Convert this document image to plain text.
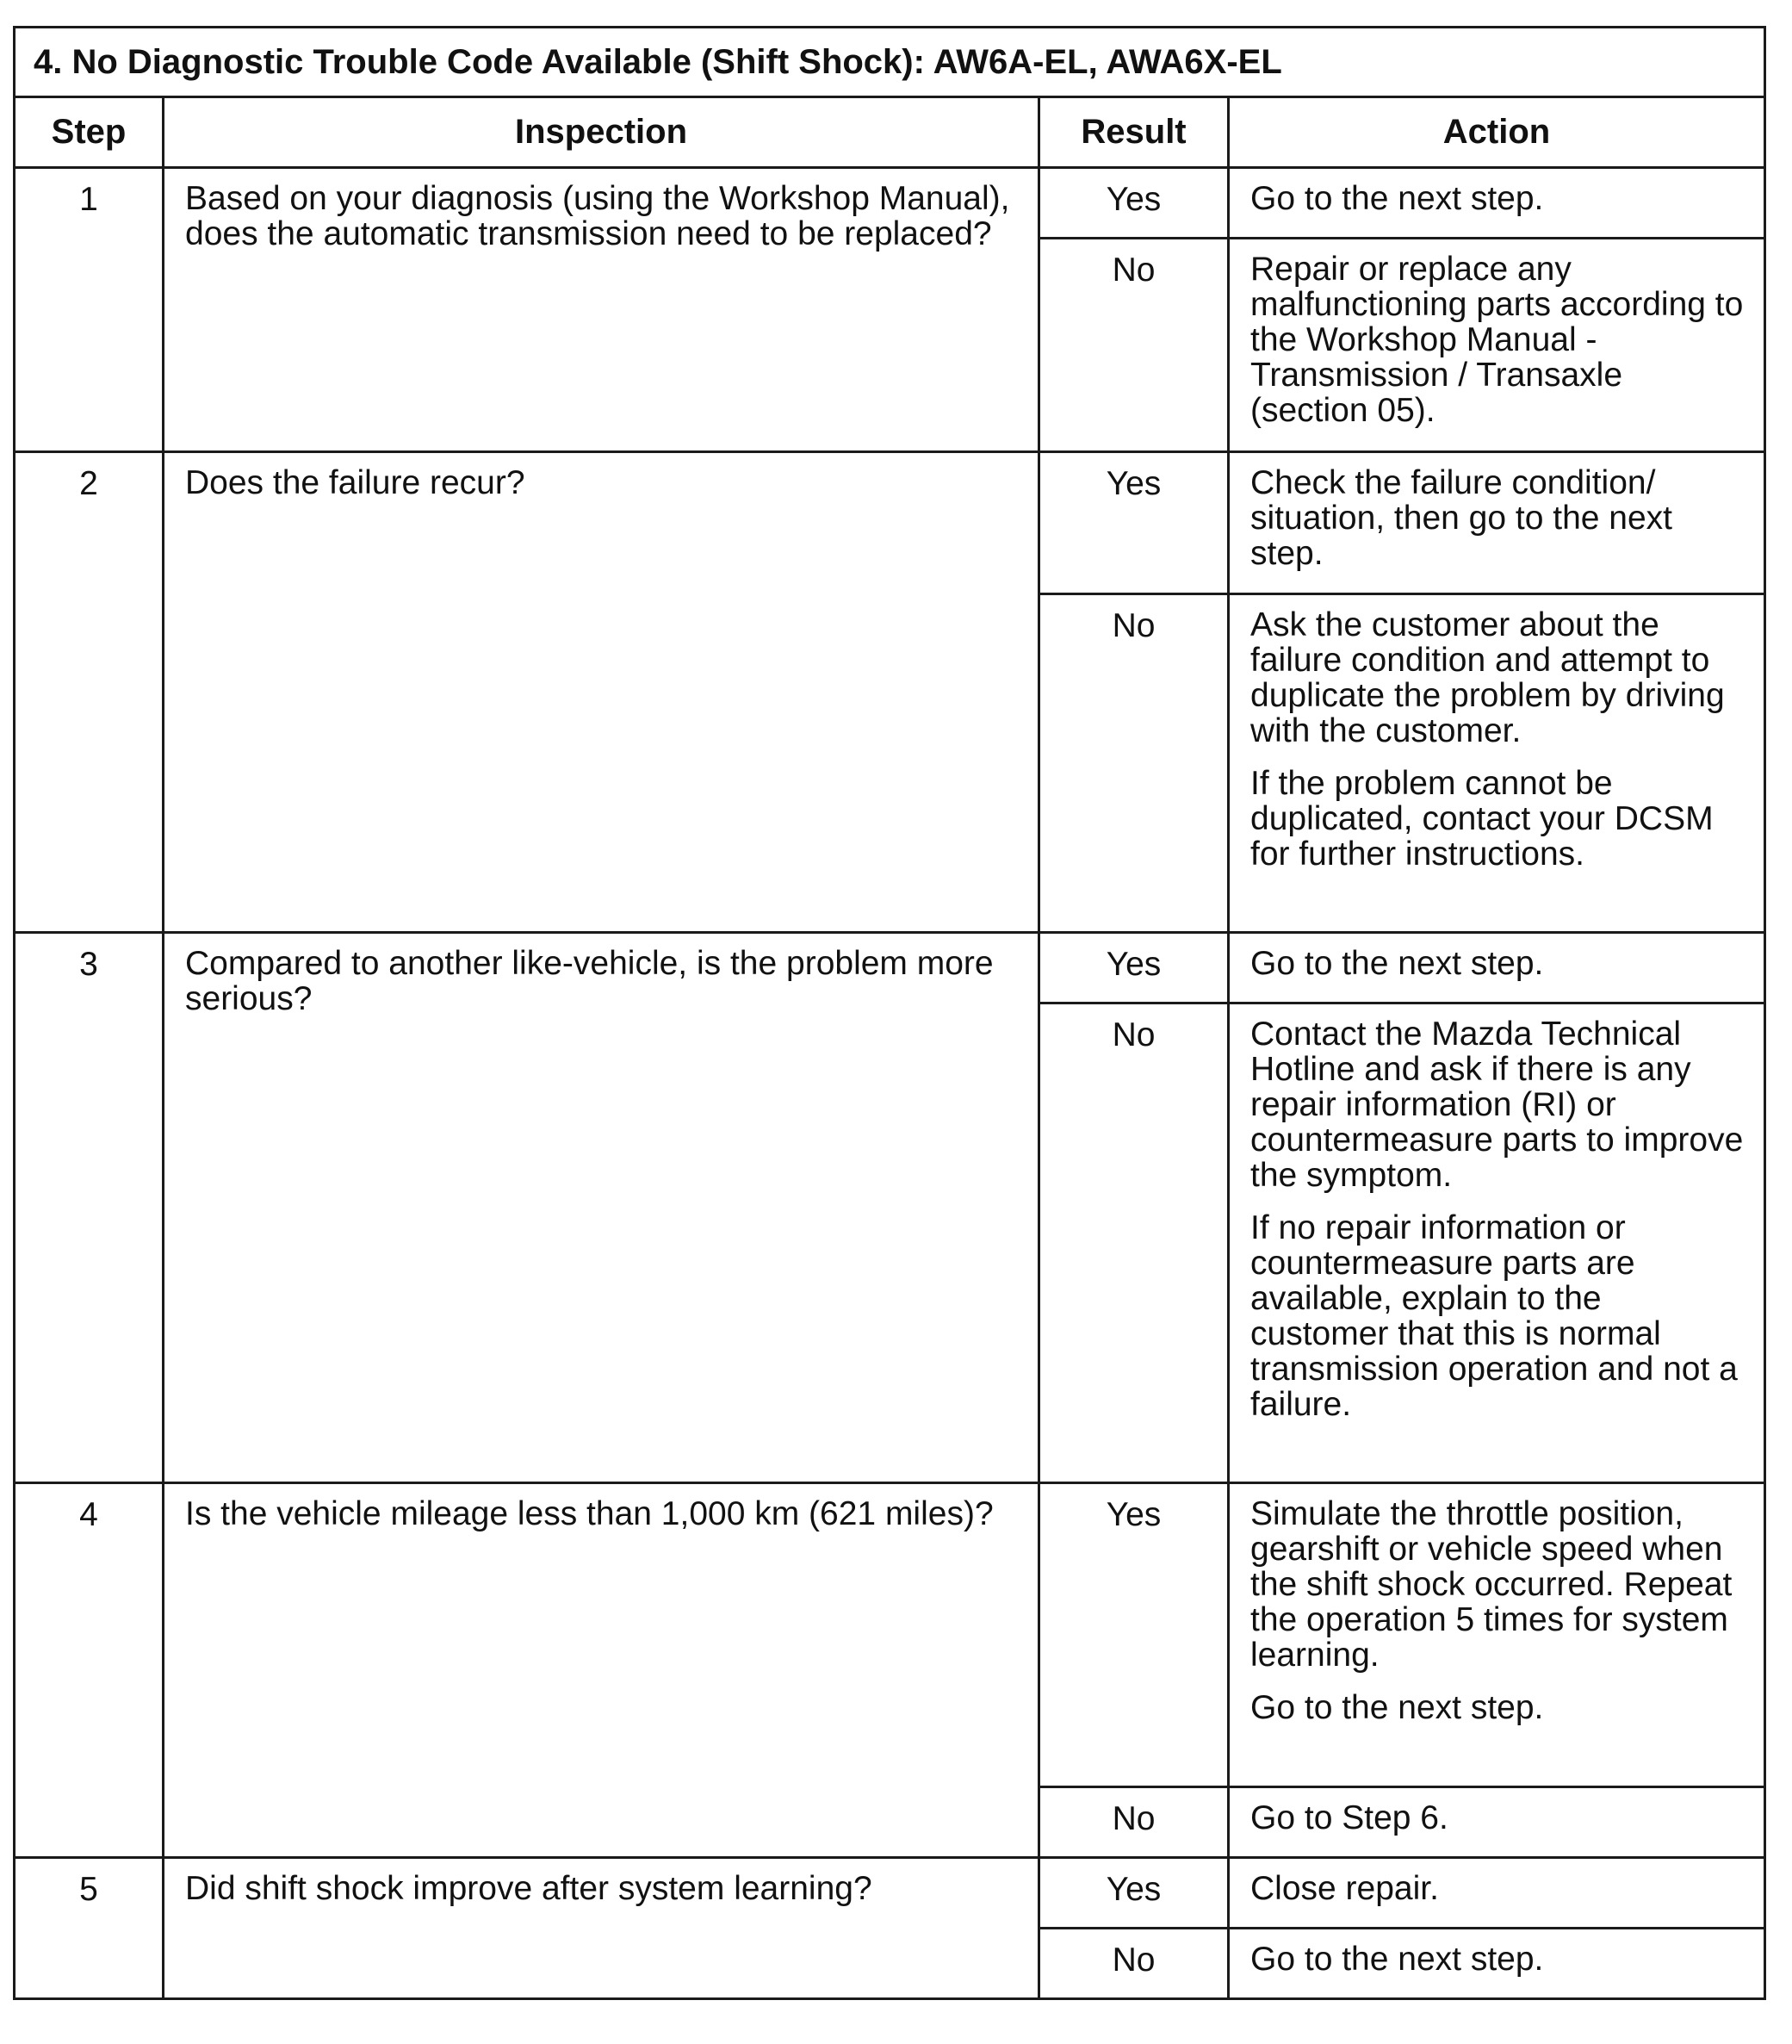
4. No Diagnostic Trouble Code Available (Shift Shock): AW6A-EL, AWA6X-EL			
Step	Inspection	Result	Action
1	Based on your diagnosis (using the Workshop Manual), does the automatic transmission need to be replaced?	Yes	Go to the next step.

		No	Repair or replace any malfunctioning parts according to the Workshop Manual - Transmission / Transaxle (section 05).

2	Does the failure recur?	Yes	Check the failure condition/ situation, then go to the next step.

		No	Ask the customer about the failure condition and attempt to duplicate the problem by driving with the customer.

If the problem cannot be duplicated, contact your DCSM for further instructions.

3	Compared to another like-vehicle, is the problem more serious?	Yes	Go to the next step.

		No	Contact the Mazda Technical Hotline and ask if there is any repair information (RI) or countermeasure parts to improve the symptom.

If no repair information or countermeasure parts are available, explain to the customer that this is normal transmission operation and not a failure.

4	Is the vehicle mileage less than 1,000 km (621 miles)?	Yes	Simulate the throttle position, gearshift or vehicle speed when the shift shock occurred. Repeat the operation 5 times for system learning.

Go to the next step.

		No	Go to Step 6.

5	Did shift shock improve after system learning?	Yes	Close repair.

		No	Go to the next step.
